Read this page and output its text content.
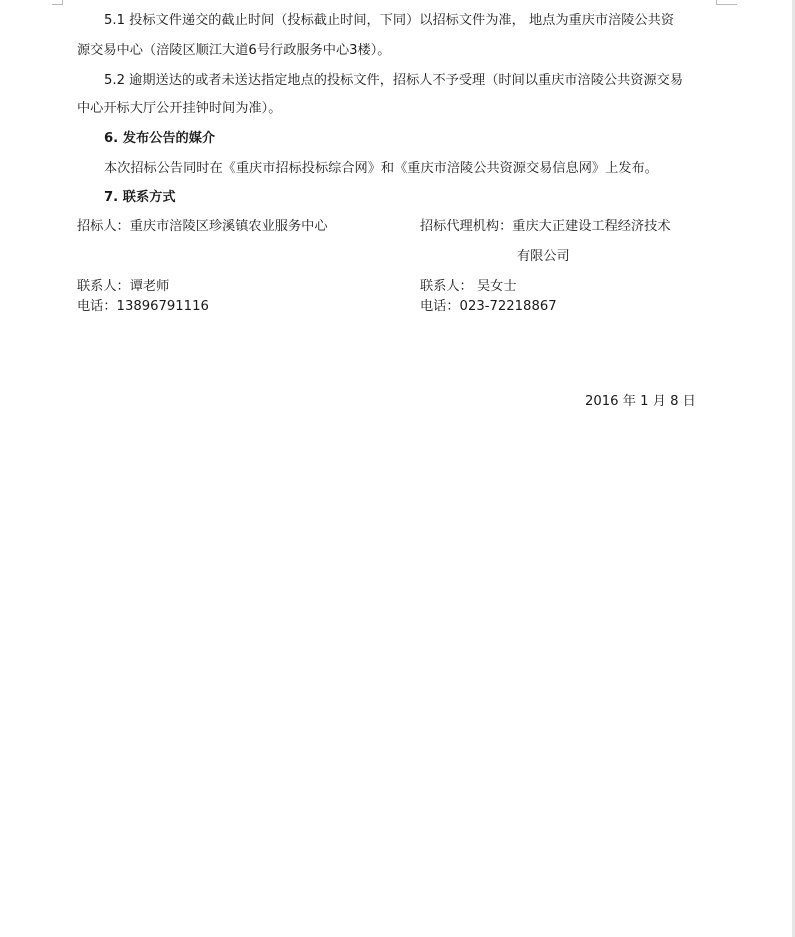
5.1 投标文件递交的截止时间（投标截止时间，下同）以招标文件为准， 地点为重庆市涪陵公共资
源交易中心（涪陵区顺江大道6号行政服务中心3楼）。
5.2 逾期送达的或者未送达指定地点的投标文件，招标人不予受理（时间以重庆市涪陵公共资源交易
中心开标大厅公开挂钟时间为准）。
6. 发布公告的媒介
本次招标公告同时在《重庆市招标投标综合网》和《重庆市涪陵公共资源交易信息网》上发布。
7. 联系方式
招标人：重庆市涪陵区珍溪镇农业服务中心	招标代理机构：重庆大正建设工程经济技术
有限公司
联系人：谭老师	联系人： 吴女士
电话：13896791116	电话：023-72218867
2016 年 1 月 8 日
